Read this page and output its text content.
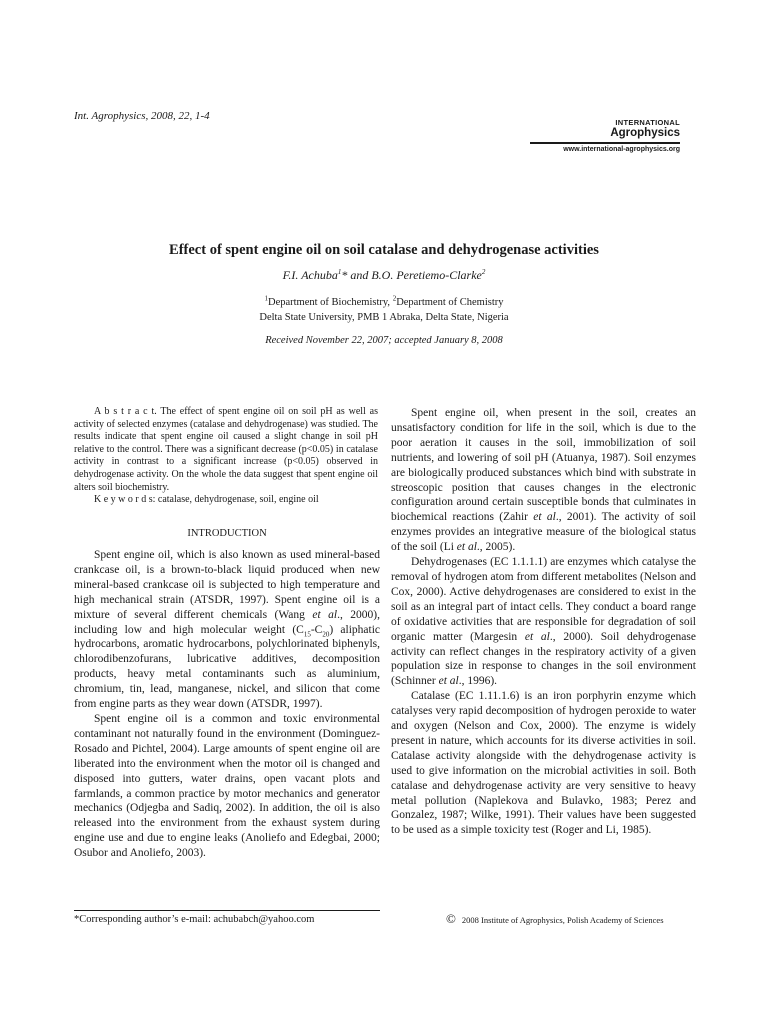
Int. Agrophysics, 2008, 22, 1-4
INTERNATIONAL
Agrophysics
www.international-agrophysics.org
Effect of spent engine oil on soil catalase and dehydrogenase activities
F.I. Achuba$^1$* and B.O. Peretiemo-Clarke$^2$
$^1$Department of Biochemistry, $^2$Department of Chemistry
Delta State University, PMB 1 Abraka, Delta State, Nigeria
Received November 22, 2007; accepted January 8, 2008

A b s t r a c t. The effect of spent engine oil on soil pH as well as activity of selected enzymes (catalase and dehydrogenase) was studied. The results indicate that spent engine oil caused a slight change in soil pH relative to the control. There was a significant decrease (p<0.05) in catalase activity in contrast to a significant increase (p<0.05) observed in dehydrogenase activity. On the whole the data suggest that spent engine oil alters soil biochemistry.

K e y w o r d s: catalase, dehydrogenase, soil, engine oil

INTRODUCTION

Spent engine oil, which is also known as used mineral-based crankcase oil, is a brown-to-black liquid produced when new mineral-based crankcase oil is subjected to high temperature and high mechanical strain (ATSDR, 1997). Spent engine oil is a mixture of several different chemicals (Wang et al., 2000), including low and high molecular weight $(C_{15}-C_{20})$ aliphatic hydrocarbons, aromatic hydrocarbons, polychlorinated biphenyls, chlorodibenzofurans, lubricative additives, decomposition products, heavy metal contaminants such as aluminium, chromium, tin, lead, manganese, nickel, and silicon that come from engine parts as they wear down (ATSDR, 1997).

Spent engine oil is a common and toxic environmental contaminant not naturally found in the environment (Dominguez-Rosado and Pichtel, 2004). Large amounts of spent engine oil are liberated into the environment when the motor oil is changed and disposed into gutters, water drains, open vacant plots and farmlands, a common practice by motor mechanics and generator mechanics (Odjegba and Sadiq, 2002). In addition, the oil is also released into the environment from the exhaust system during engine use and due to engine leaks (Anoliefo and Edegbai, 2000; Osubor and Anoliefo, 2003).

Spent engine oil, when present in the soil, creates an unsatisfactory condition for life in the soil, which is due to the poor aeration it causes in the soil, immobilization of soil nutrients, and lowering of soil pH (Atuanya, 1987). Soil enzymes are biologically produced substances which bind with substrate in streoscopic position that causes changes in the electronic configuration around certain susceptible bonds that culminates in biochemical reactions (Zahir et al., 2001). The activity of soil enzymes provides an integrative measure of the biological status of the soil (Li et al., 2005).

Dehydrogenases (EC 1.1.1.1) are enzymes which catalyse the removal of hydrogen atom from different metabolites (Nelson and Cox, 2000). Active dehydrogenases are considered to exist in the soil as an integral part of intact cells. They conduct a board range of oxidative activities that are responsible for degradation of soil organic matter (Margesin et al., 2000). Soil dehydrogenase activity can reflect changes in the respiratory activity of a given population size in response to changes in the soil environment (Schinner et al., 1996).

Catalase (EC 1.11.1.6) is an iron porphyrin enzyme which catalyses very rapid decomposition of hydrogen peroxide to water and oxygen (Nelson and Cox, 2000). The enzyme is widely present in nature, which accounts for its diverse activities in soil. Catalase activity alongside with the dehydrogenase activity is used to give information on the microbial activities in soil. Both catalase and dehydrogenase activity are very sensitive to heavy metal pollution (Naplekova and Bulavko, 1983; Perez and Gonzalez, 1987; Wilke, 1991). Their values have been suggested to be used as a simple toxicity test (Roger and Li, 1985).

*Corresponding author’s e-mail: achubabch@yahoo.com	© 2008 Institute of Agrophysics, Polish Academy of Sciences
